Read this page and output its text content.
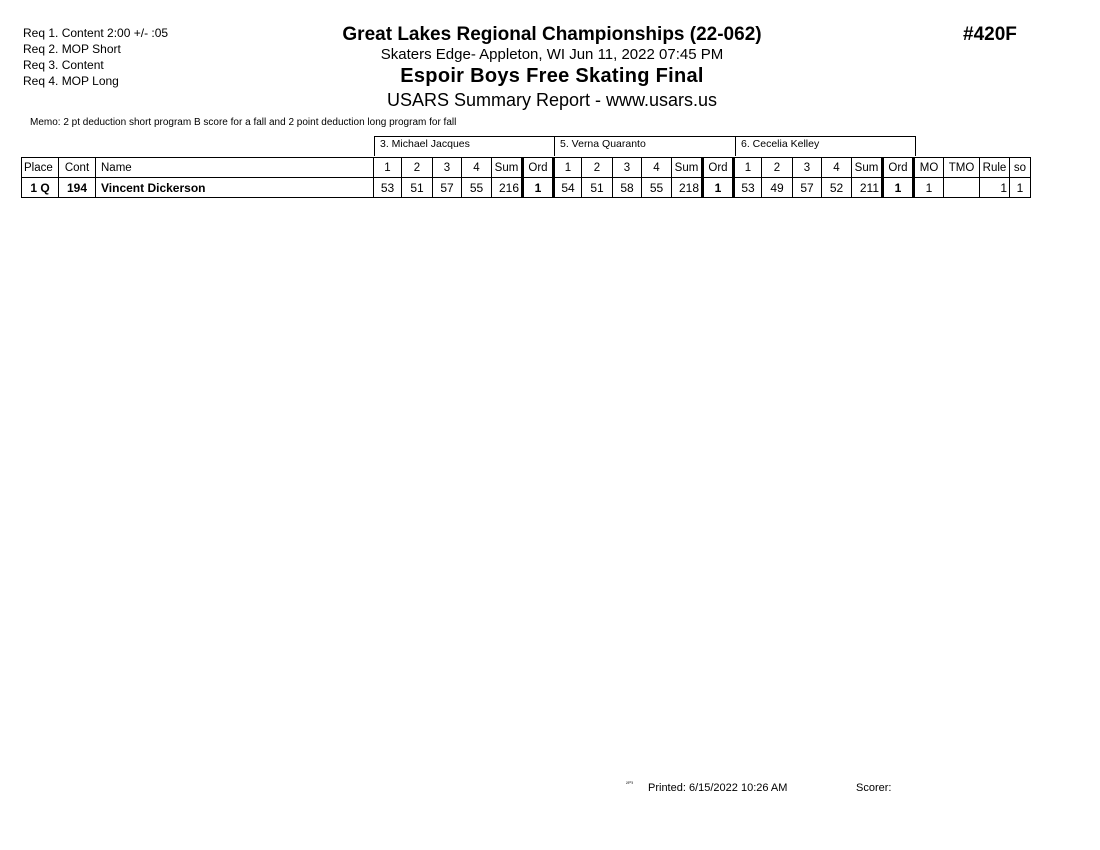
Req 1. Content 2:00 +/- :05
Req 2. MOP Short
Req 3. Content
Req 4. MOP Long
Great Lakes Regional Championships (22-062)
Skaters Edge- Appleton, WI Jun 11, 2022 07:45 PM
Espoir Boys Free Skating Final
USARS Summary Report - www.usars.us
#420F
Memo: 2 pt deduction short program B score for a fall and 2 point deduction long program for fall
3. Michael Jacques	5. Verna Quaranto	6. Cecelia Kelley
Place	Cont	Name	1	2	3	4	Sum	Ord	1	2	3	4	Sum	Ord	1	2	3	4	Sum	Ord	MO	TMO	Rule	so
1 Q	194	Vincent Dickerson	53	51	57	55	216	1	54	51	58	55	218	1	53	49	57	52	211	1	1		1	1
²³⁰³ Printed: 6/15/2022 10:26 AM	Scorer:
